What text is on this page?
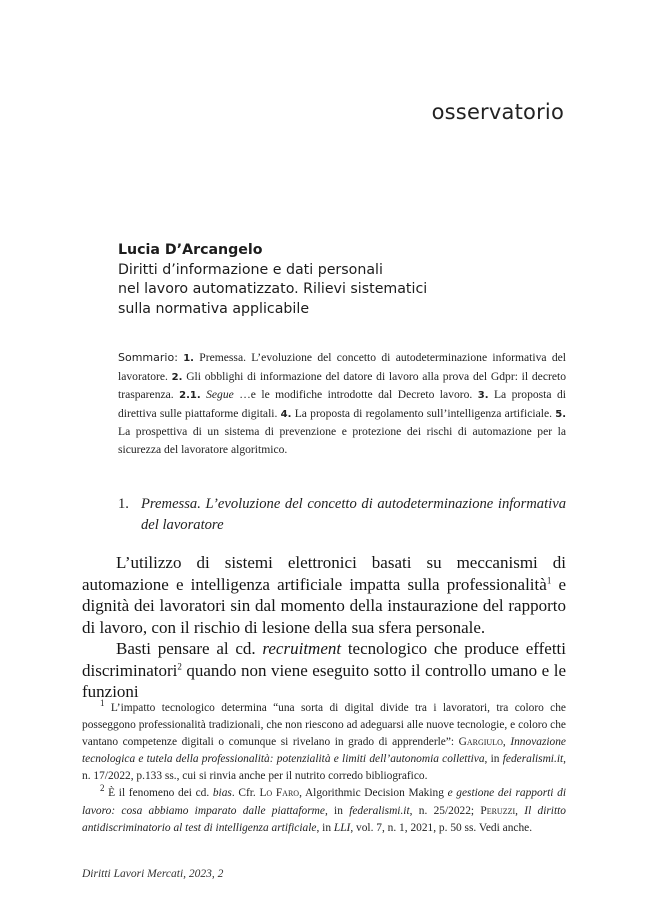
osservatorio
Lucia D’Arcangelo
Diritti d’informazione e dati personali
nel lavoro automatizzato. Rilievi sistematici
sulla normativa applicabile
Sommario: 1. Premessa. L’evoluzione del concetto di autodeterminazione informativa del lavoratore. 2. Gli obblighi di informazione del datore di lavoro alla prova del Gdpr: il decreto trasparenza. 2.1. Segue …e le modifiche introdotte dal Decreto lavoro. 3. La proposta di direttiva sulle piattaforme digitali. 4. La proposta di regolamento sull’intelligenza artificiale. 5. La prospettiva di un sistema di prevenzione e protezione dei rischi di automazione per la sicurezza del lavoratore algoritmico.
1. Premessa. L’evoluzione del concetto di autodeterminazione informativa del lavoratore

L’utilizzo di sistemi elettronici basati su meccanismi di automazione e intelligenza artificiale impatta sulla professionalità$^1$ e dignità dei lavoratori sin dal momento della instaurazione del rapporto di lavoro, con il rischio di lesione della sua sfera personale.

Basti pensare al cd. recruitment tecnologico che produce effetti discriminatori$^2$ quando non viene eseguito sotto il controllo umano e le funzioni

$^1$ L’impatto tecnologico determina “una sorta di digital divide tra i lavoratori, tra coloro che posseggono professionalità tradizionali, che non riescono ad adeguarsi alle nuove tecnologie, e coloro che vantano competenze digitali o comunque si rivelano in grado di apprenderle”: Gargiulo, Innovazione tecnologica e tutela della professionalità: potenzialità e limiti dell’autonomia collettiva, in federalismi.it, n. 17/2022, p.133 ss., cui si rinvia anche per il nutrito corredo bibliografico.

$^2$ È il fenomeno dei cd. bias. Cfr. Lo Faro, Algorithmic Decision Making e gestione dei rapporti di lavoro: cosa abbiamo imparato dalle piattaforme, in federalismi.it, n. 25/2022; Peruzzi, Il diritto antidiscriminatorio al test di intelligenza artificiale, in LLI, vol. 7, n. 1, 2021, p. 50 ss. Vedi anche.

Diritti Lavori Mercati, 2023, 2
